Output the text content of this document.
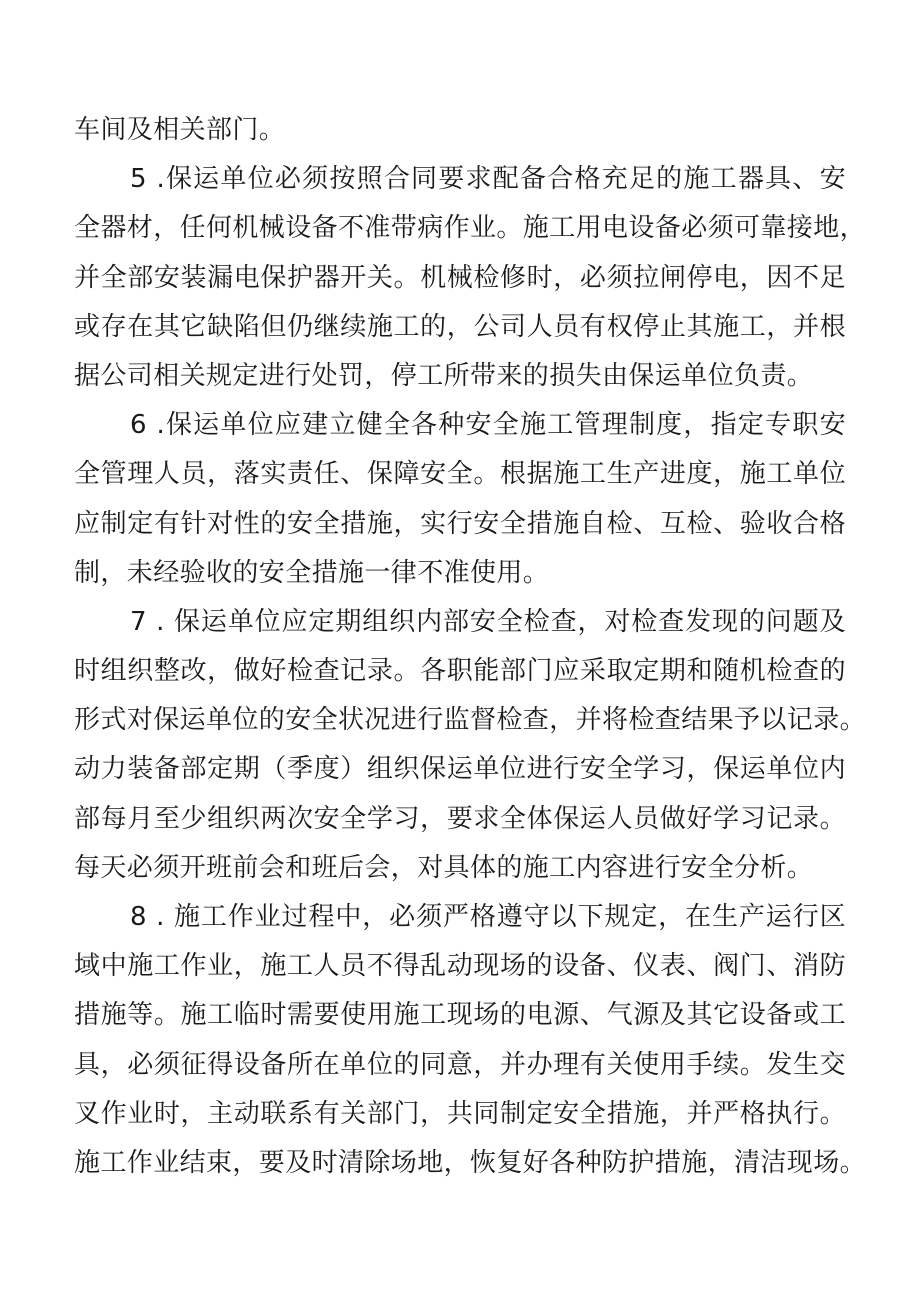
车间及相关部门。
5 .保运单位必须按照合同要求配备合格充足的施工器具、安
全器材，任何机械设备不准带病作业。施工用电设备必须可靠接地，
并全部安装漏电保护器开关。机械检修时，必须拉闸停电，因不足
或存在其它缺陷但仍继续施工的，公司人员有权停止其施工，并根
据公司相关规定进行处罚，停工所带来的损失由保运单位负责。
6 .保运单位应建立健全各种安全施工管理制度，指定专职安
全管理人员，落实责任、保障安全。根据施工生产进度，施工单位
应制定有针对性的安全措施，实行安全措施自检、互检、验收合格
制，未经验收的安全措施一律不准使用。
7 . 保运单位应定期组织内部安全检查，对检查发现的问题及
时组织整改，做好检查记录。各职能部门应采取定期和随机检查的
形式对保运单位的安全状况进行监督检查，并将检查结果予以记录。
动力装备部定期（季度）组织保运单位进行安全学习，保运单位内
部每月至少组织两次安全学习，要求全体保运人员做好学习记录。
每天必须开班前会和班后会，对具体的施工内容进行安全分析。
8 . 施工作业过程中，必须严格遵守以下规定，在生产运行区
域中施工作业，施工人员不得乱动现场的设备、仪表、阀门、消防
措施等。施工临时需要使用施工现场的电源、气源及其它设备或工
具，必须征得设备所在单位的同意，并办理有关使用手续。发生交
叉作业时，主动联系有关部门，共同制定安全措施，并严格执行。
施工作业结束，要及时清除场地，恢复好各种防护措施，清洁现场。
